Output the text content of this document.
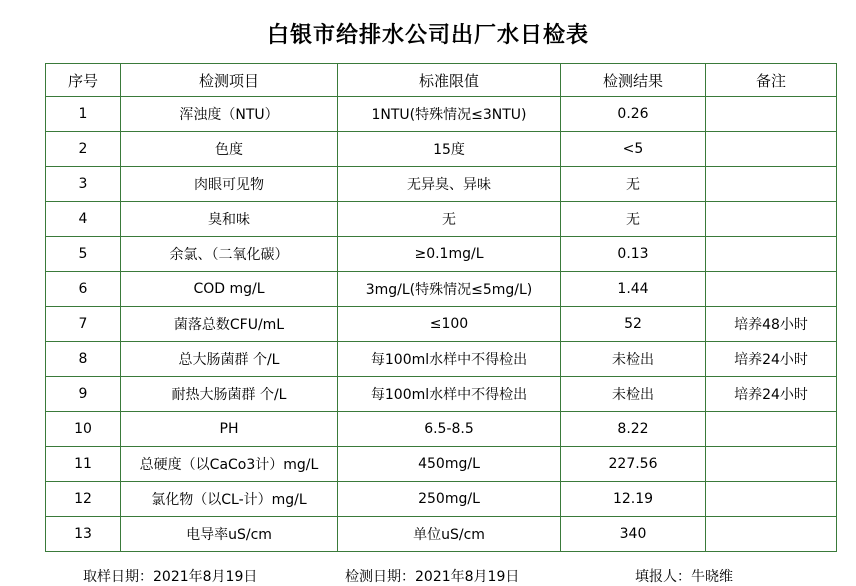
白银市给排水公司出厂水日检表
序号	检测项目	标准限值	检测结果	备注
1	浑浊度（NTU）	1NTU(特殊情况≤3NTU)	0.26	
2	色度	15度	<5	
3	肉眼可见物	无异臭、异味	无	
4	臭和味	无	无	
5	余氯、（二氧化碳）	≥0.1mg/L	0.13	
6	COD mg/L	3mg/L(特殊情况≤5mg/L)	1.44	
7	菌落总数CFU/mL	≤100	52	培养48小时
8	总大肠菌群 个/L	每100ml水样中不得检出	未检出	培养24小时
9	耐热大肠菌群 个/L	每100ml水样中不得检出	未检出	培养24小时
10	PH	6.5-8.5	8.22	
11	总硬度（以CaCo3计）mg/L	450mg/L	227.56	
12	氯化物（以CL-计）mg/L	250mg/L	12.19	
13	电导率uS/cm	单位uS/cm	340	
取样日期：2021年8月19日	检测日期：2021年8月19日	填报人：牛晓维
